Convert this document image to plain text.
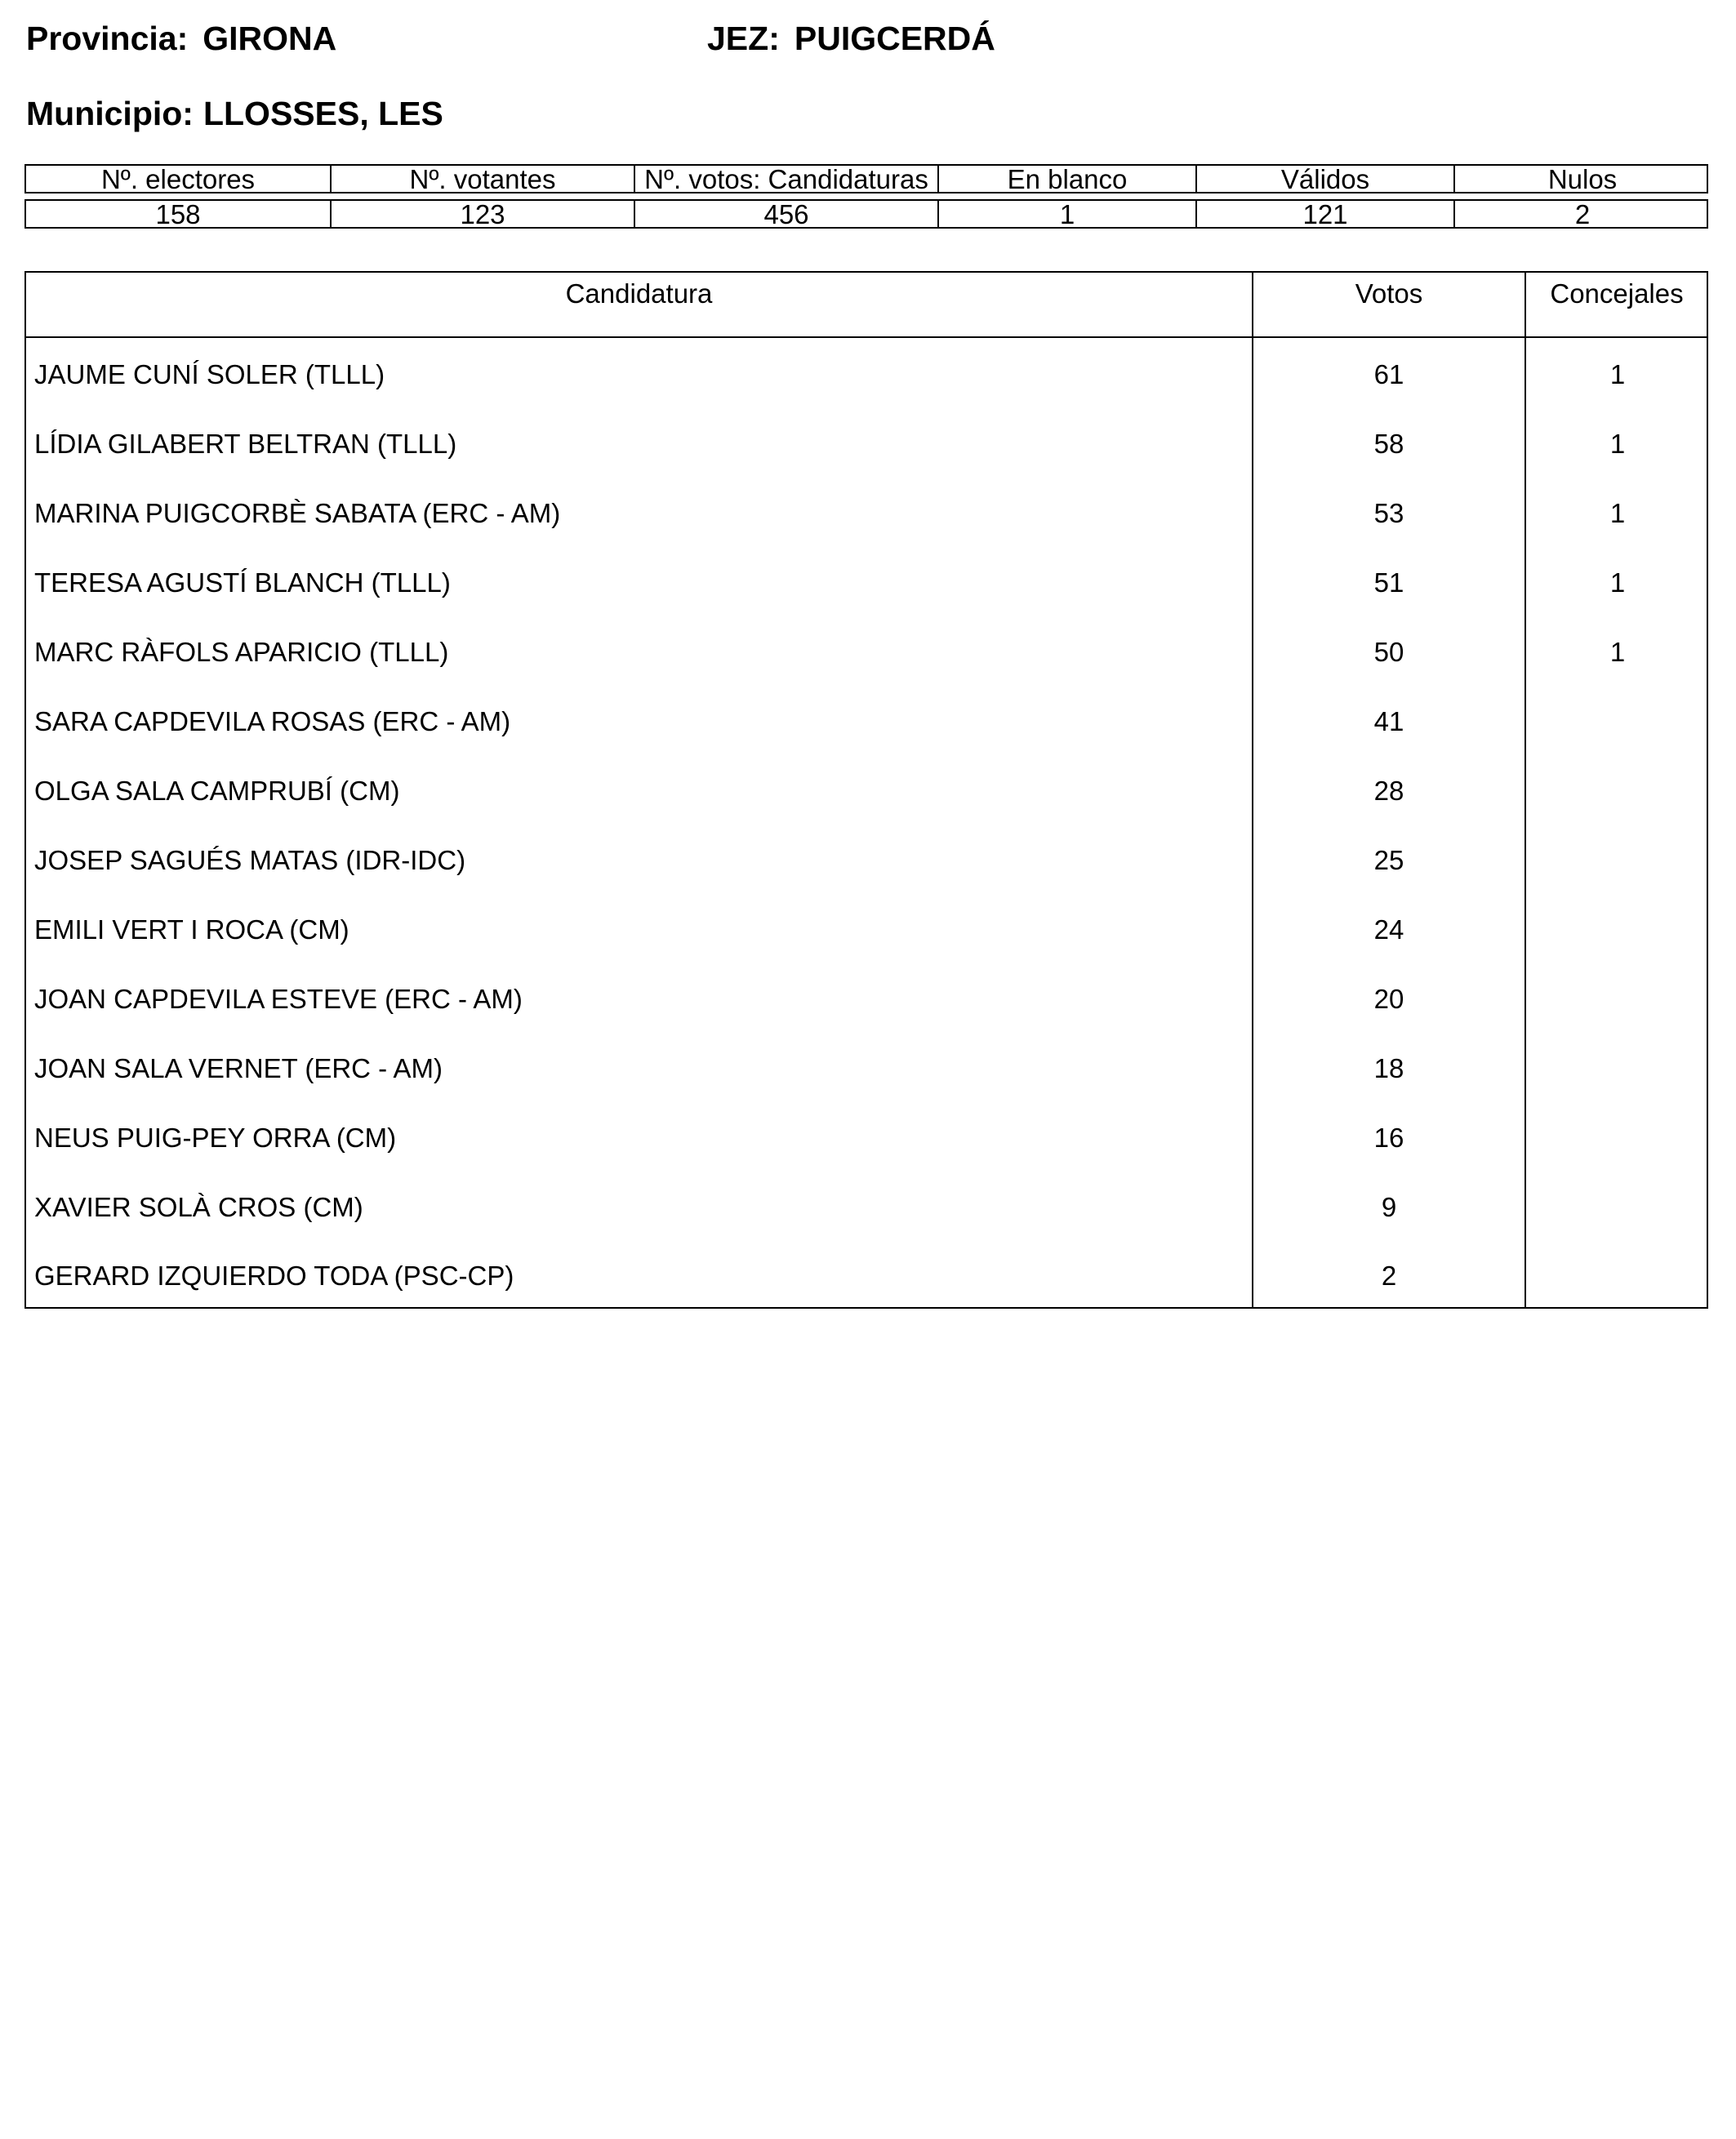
Provincia: GIRONA	JEZ: PUIGCERDÁ
Municipio: LLOSSES, LES
Nº. electores	Nº. votantes	Nº. votos: Candidaturas	En blanco	Válidos	Nulos
158	123	456	1	121	2
Candidatura	Votos	Concejales
JAUME CUNÍ SOLER (TLLL)	61	1
LÍDIA GILABERT BELTRAN (TLLL)	58	1
MARINA PUIGCORBÈ SABATA (ERC - AM)	53	1
TERESA AGUSTÍ BLANCH (TLLL)	51	1
MARC RÀFOLS APARICIO (TLLL)	50	1
SARA CAPDEVILA ROSAS (ERC - AM)	41
OLGA SALA CAMPRUBÍ (CM)	28
JOSEP SAGUÉS MATAS (IDR-IDC)	25
EMILI VERT I ROCA (CM)	24
JOAN CAPDEVILA ESTEVE (ERC - AM)	20
JOAN SALA VERNET (ERC - AM)	18
NEUS PUIG-PEY ORRA (CM)	16
XAVIER SOLÀ CROS (CM)	9
GERARD IZQUIERDO TODA (PSC-CP)	2
